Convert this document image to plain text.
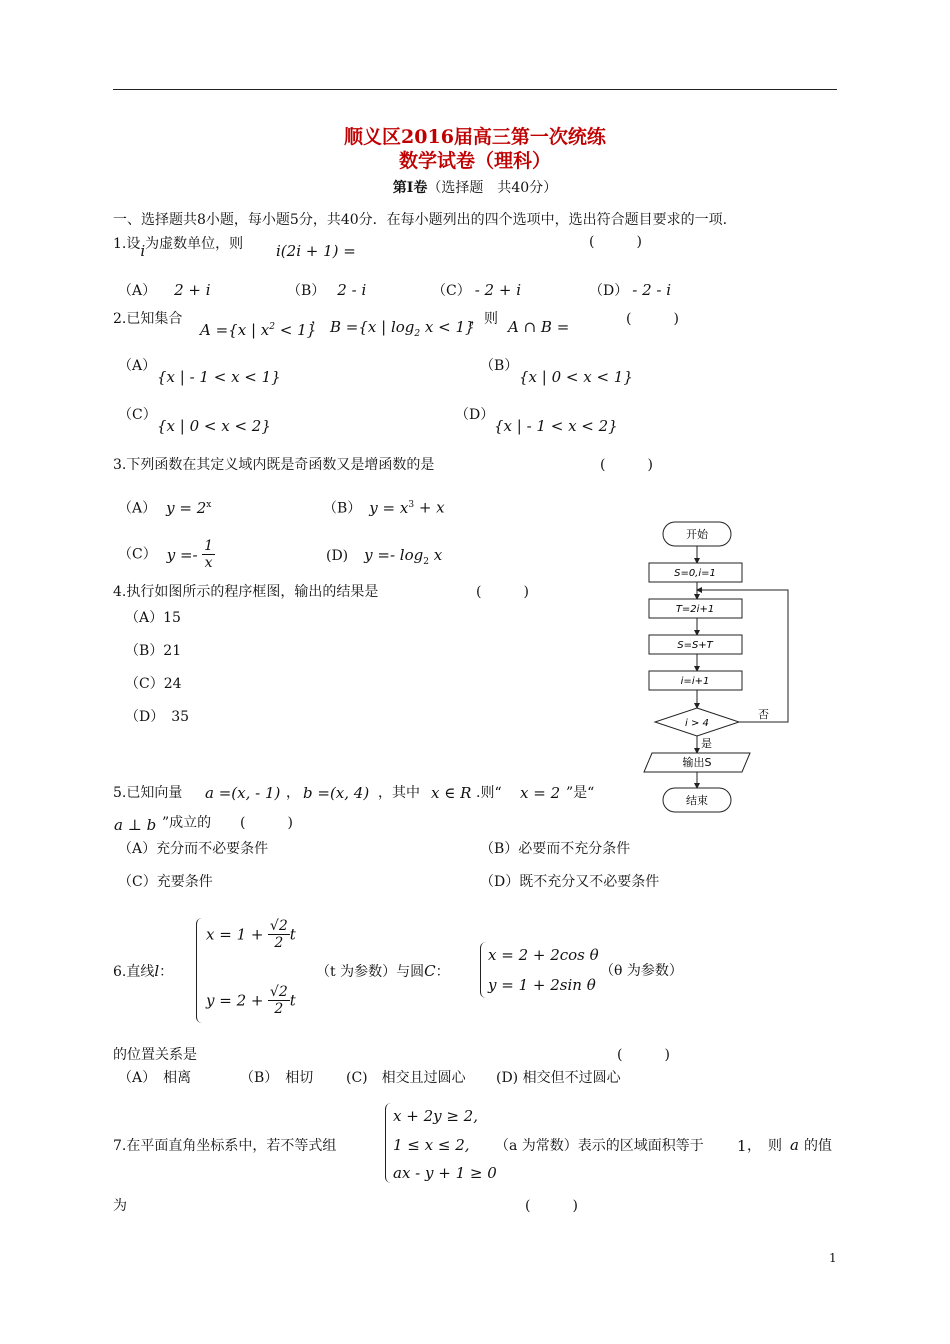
顺义区2016届高三第一次统练
数学试卷（理科）
第Ⅰ卷（选择题　共40分）
一、选择题共8小题，每小题5分，共40分．在每小题列出的四个选项中，选出符合题目要求的一项.
1.设i为虚数单位，则 i(2i + 1) =	(　　　)
（A） 2 + i	（B） 2 - i	（C） - 2 + i	（D） - 2 - i
2.已知集合
A ={x | $x^2 < 1$}
， B ={x | $\log_2 x < 1$}
，则 A ∩ B =	(　　　)
（A）
{x | - 1 < x < 1}
（B）
{x | 0 < x < 1}
（C）
{x | 0 < x < 2}
（D）
{x | - 1 < x < 2}
3.下列函数在其定义域内既是奇函数又是增函数的是	(　　　)
（A） $y = 2^x$	（B） $y = x^3 + x$
（C） $y =- \frac{1}{x}$	(D) $y =- \log_2 x$
4.执行如图所示的程序框图，输出的结果是	(　　　)
（A）15
（B）21
（C）24
（D）　35
开始
S=0,i=1
T=2i+1
S=S+T
i=i+1
i > 4
否
是
输出S
结束
5.已知向量 a =(x, - 1) ， b =(x, 4) ，其中 x ∈ R .则“ x = 2 ”是“
a ⊥ b ”成立的 (　　　)
（A）充分而不必要条件	（B）必要而不充分条件
（C）充要条件	（D）既不充分又不必要条件
6.直线l：
$x = 1 + \frac{√2}{2}$ t
$y = 2 + \frac{√2}{2}$ t
（t 为参数）与圆C：
x = 2 + 2cos θ
y = 1 + 2sin θ
（θ 为参数）
的位置关系是	(　　　)
（A）　相离	（B）　相切 (C)　相交且过圆心 (D) 相交但不过圆心
7.在平面直角坐标系中，若不等式组
x + 2y ≥ 2,
1 ≤ x ≤ 2,
ax - y + 1 ≥ 0
（a 为常数）表示的区域面积等于 1 ，　则 a 的值
为	(　　　)
1
